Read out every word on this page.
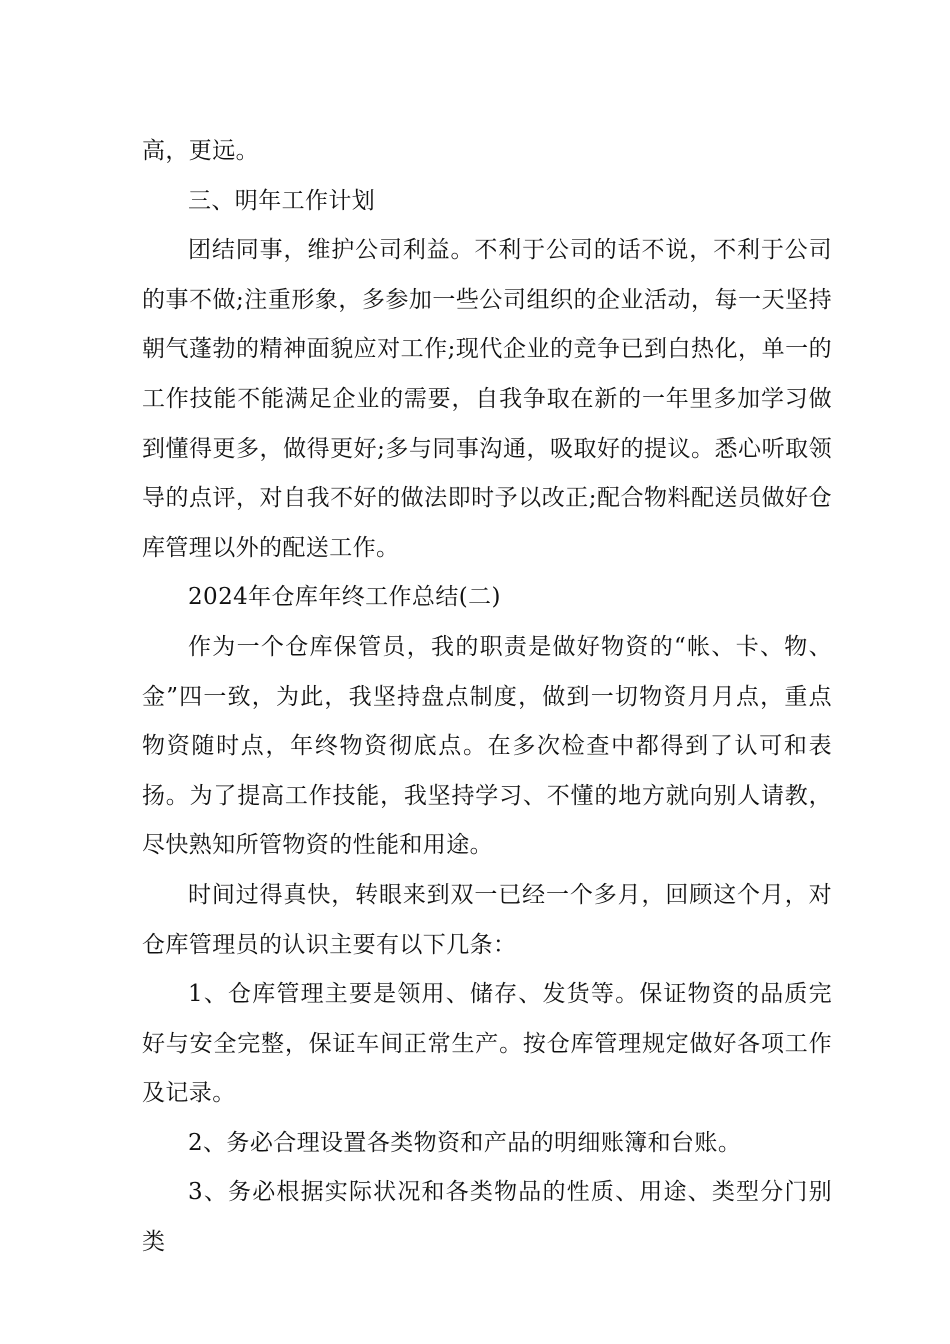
高，更远。

三、明年工作计划

团结同事，维护公司利益。不利于公司的话不说，不利于公司的事不做;注重形象，多参加一些公司组织的企业活动，每一天坚持朝气蓬勃的精神面貌应对工作;现代企业的竞争已到白热化，单一的工作技能不能满足企业的需要，自我争取在新的一年里多加学习做到懂得更多，做得更好;多与同事沟通，吸取好的提议。悉心听取领导的点评，对自我不好的做法即时予以改正;配合物料配送员做好仓库管理以外的配送工作。

2024年仓库年终工作总结(二)

作为一个仓库保管员，我的职责是做好物资的“帐、卡、物、金”四一致，为此，我坚持盘点制度，做到一切物资月月点，重点物资随时点，年终物资彻底点。在多次检查中都得到了认可和表扬。为了提高工作技能，我坚持学习、不懂的地方就向别人请教，尽快熟知所管物资的性能和用途。

时间过得真快，转眼来到双一已经一个多月，回顾这个月，对仓库管理员的认识主要有以下几条：

1、仓库管理主要是领用、储存、发货等。保证物资的品质完好与安全完整，保证车间正常生产。按仓库管理规定做好各项工作及记录。

2、务必合理设置各类物资和产品的明细账簿和台账。

3、务必根据实际状况和各类物品的性质、用途、类型分门别类
